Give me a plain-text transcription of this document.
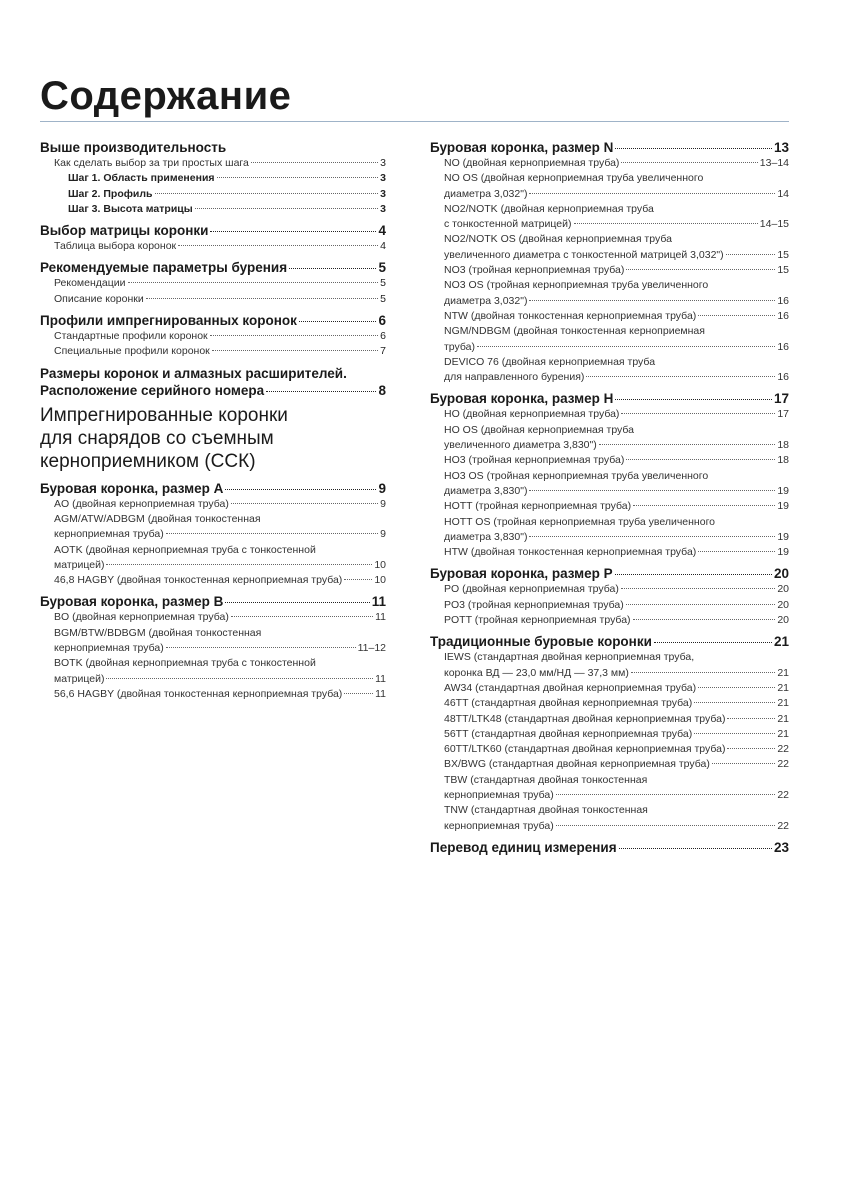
Содержание
Выше производительность
Как сделать выбор за три простых шага	3
Шаг 1. Область применения	3
Шаг 2. Профиль	3
Шаг 3. Высота матрицы	3
Выбор матрицы коронки	4
Таблица выбора коронок	4
Рекомендуемые параметры бурения	5
Рекомендации	5
Описание коронки	5
Профили импрегнированных коронок	6
Стандартные профили коронок	6
Специальные профили коронок	7
Размеры коронок и алмазных расширителей.
Расположение серийного номера	8
Импрегнированные коронки
для снарядов со съемным
керноприемником (ССК)
Буровая коронка, размер A	9
AO (двойная керноприемная труба)	9
AGM/ATW/ADBGM (двойная тонкостенная
керноприемная труба)	9
AOTK (двойная керноприемная труба с тонкостенной
матрицей)	10
46,8 HAGBY (двойная тонкостенная керноприемная труба)	10
Буровая коронка, размер B	11
BO (двойная керноприемная труба)	11
BGM/BTW/BDBGM (двойная тонкостенная
керноприемная труба)	11–12
BOTK (двойная керноприемная труба с тонкостенной
матрицей)	11
56,6 HAGBY (двойная тонкостенная керноприемная труба)	11
Буровая коронка, размер N	13
NO (двойная керноприемная труба)	13–14
NO OS (двойная керноприемная труба увеличенного
диаметра 3,032")	14
NO2/NOTK (двойная керноприемная труба
с тонкостенной матрицей)	14–15
NO2/NOTK OS (двойная керноприемная труба
увеличенного диаметра с тонкостенной матрицей 3,032")	15
NO3 (тройная керноприемная труба)	15
NO3 OS (тройная керноприемная труба увеличенного
диаметра 3,032")	16
NTW (двойная тонкостенная керноприемная труба)	16
NGM/NDBGM (двойная тонкостенная керноприемная
труба)	16
DEVICO 76 (двойная керноприемная труба
для направленного бурения)	16
Буровая коронка, размер H	17
HO (двойная керноприемная труба)	17
HO OS (двойная керноприемная труба
увеличенного диаметра 3,830")	18
HO3 (тройная керноприемная труба)	18
HO3 OS (тройная керноприемная труба увеличенного
диаметра 3,830")	19
HOTT (тройная керноприемная труба)	19
HOTT OS (тройная керноприемная труба увеличенного
диаметра 3,830")	19
HTW (двойная тонкостенная керноприемная труба)	19
Буровая коронка, размер P	20
PO (двойная керноприемная труба)	20
PO3 (тройная керноприемная труба)	20
POTT (тройная керноприемная труба)	20
Традиционные буровые коронки	21
IEWS (стандартная двойная керноприемная труба,
коронка ВД — 23,0 мм/НД — 37,3 мм)	21
AW34 (стандартная двойная керноприемная труба)	21
46TT (стандартная двойная керноприемная труба)	21
48TT/LTK48 (стандартная двойная керноприемная труба)	21
56TT (стандартная двойная керноприемная труба)	21
60TT/LTK60 (стандартная двойная керноприемная труба)	22
BX/BWG (стандартная двойная керноприемная труба)	22
TBW (стандартная двойная тонкостенная
керноприемная труба)	22
TNW (стандартная двойная тонкостенная
керноприемная труба)	22
Перевод единиц измерения	23
